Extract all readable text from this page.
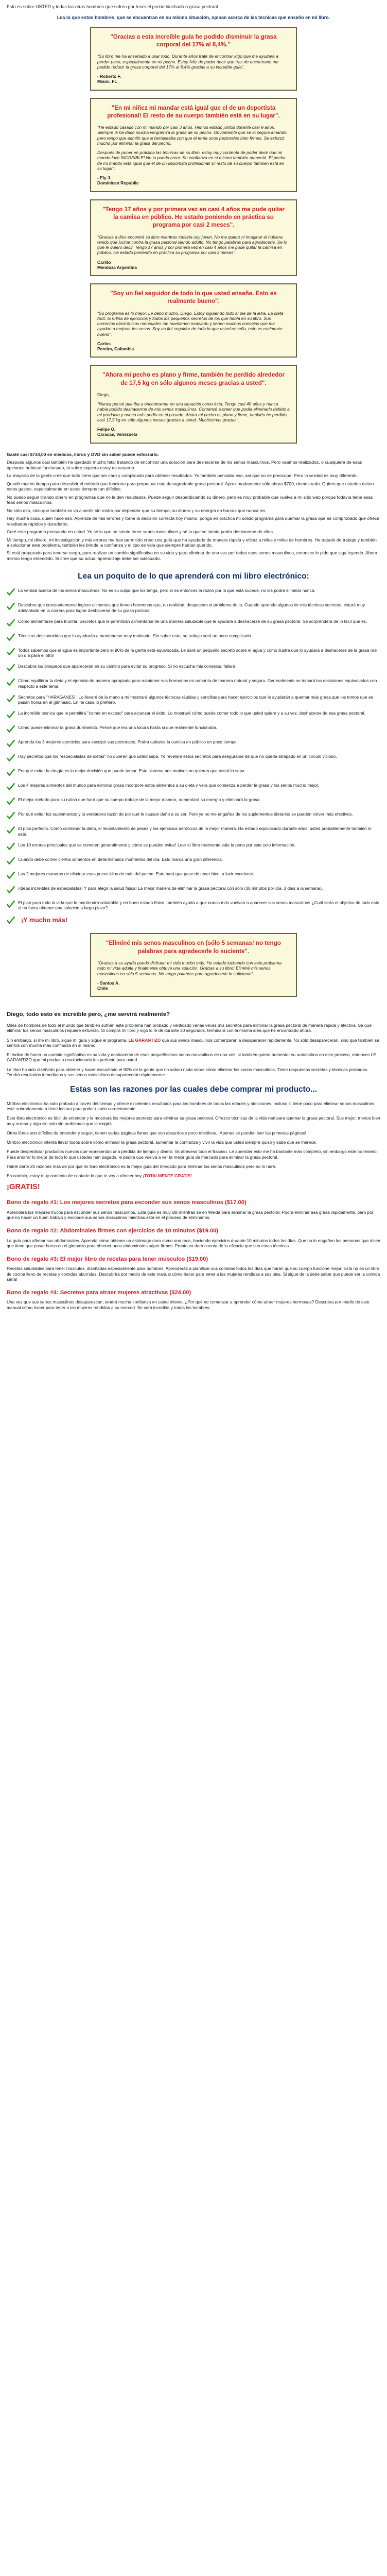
Esto es sobre USTED y todas las otras hombres que sufren por tener el pecho hinchado o grasa pectoral.

Lea lo que estos hombres, que se encuentran en su mismo situación, opinan acerca de las técnicas que enseño en mi libro.
"Gracias a esta increíble guía he podido disminuir la grasa corporal del 17% al 8,4%."

"Su libro me ha enseñado a usar todo. Durante años traté de encontrar algo que me ayudara a perder peso, especialmente en mi pecho. Estoy feliz de poder decir que tras de encontrarlo me podido reducir la grasa corporal del 17% al 8,4% gracias a su increíble guía".

- Roberto F.
Miami, FL
"En mi niñez mi mandar está igual que el de un deportista profesional! El resto de su cuerpo también está en su lugar".

"He estado casado con mi mando por casi 3 años. Hemos estado juntos durante casi 9 años. Siempre le ha dado mucha vergüenza la grasa de su pecho. Obviamente que se lo seguía amando, pero tengo que admitir que si fantaseaba con que él tenía unos pectorales bien firmes. Se esforzó mucho por eliminar la grasa del pecho.

Después de poner en práctica las técnicas de su libro, estoy muy contenta de poder decir que mi mando luce INCREÍBLE! No lo puedo creer. Su confianza en sí mismo también aumentó. El pecho de mi mando está igual que el de un deportista profesional! El resto de su cuerpo también está en su lugar".

- Ely J.
Dominican Republic
"Tengo 17 años y por primera vez en casi 4 años me pude quitar la camisa en público. He estado poniendo en práctica su programa por casi 2 meses".

"Gracias a dios encontré su libro mientras todavía soy joven. No me quiero ni imaginar el hubiera tenido que luchar contra la grasa pectoral siendo adulto. No tengo palabras para agradecerle. Se lo que le quiero decir. Tengo 17 años y por primera vez en casi 4 años me pude quitar la camisa en público. He estado poniendo en práctica su programa por casi 2 meses".

Carlito
Mendoza Argentina
"Soy un fiel seguidor de todo lo que usted enseña. Esto es realmente bueno".

"Su programa es lo mejor. Le debo mucho, Diego. Estoy siguiendo todo al pie de la letra. La dieta fácil, la rutina de ejercicios y todos los pequeños secretos de los que habla en su libro. Sus correctos electrónicos mensuales me mantienen motivado y tienen muchos consejos que me ayudan a mejorar los cosas. Soy un fiel seguidor de todo lo que usted enseña, esto es realmente bueno".

Carlos
Pereira, Colombia
"Ahora mi pecho es plano y firme, también he perdido alrededor de 17,5 kg en sólo algunos meses gracias a usted".

Diego,

"Nunca pensé que iba a encontrarme en una situación como ésta. Tengo casi 40 años y nunca había podido deshacerme de mis senos masculinos. Comencé a creer que podía eliminarlo debido a mi producto y nunca más podía en el pasado. Ahora mi pecho es plano y firme, también he perdido casi 17,5 kg en sólo algunos meses gracias a usted. Muchísimas gracias".

Felipe O.
Caracas, Venezuela

Gasté casi $734,00 en médicos, libros y DVD sin saber puede esforzarlo.

Después algunos casi también he quedado mucho fatal tratando de encontrar una solución para deshacerse de los senos masculinos. Pero vaamos realizados, o cualquiera de esas opciones hubiese funcionado, ni sobre siquiera estoy de acuerdo.

La mayoría de la gente creé que todo tiene que ser caro y complicado para obtener resultados. Yo también pensaba eso, así que no se preocupe; Pero la verdad es muy diferente.

Quedó mucho tiempo para descubrir el método que funciona para perpetuar esta desagradable grasa pectoral. Aproximadamente sólo ahora $700, demostrado. Quiero que ustedes eviten estos gastos, especialmente en estos tiempos tan difíciles.

No puedo seguir tirando dinero en programas que no le den resultados. Puede seguir desperdiciando su dinero, pero es muy probable que vuelva a mi sitio web porque todavía tiene esas feas senos masculinos.

No sólo eso, sino que también se va a sentir sin rostro por depender que su tiempo, su dinero y su energía en barcos que nunca les

Hay mucha cosa, quién hace eso. Aprenda de mis errores y torne la decisión correcta hoy mismo, ponga en práctica mi sólido programa para quemar la grasa que es comprobado que ofrece resultados rápidos y duraderos.

Creé este programa pensando en usted. Yo sé lo que se siente tener senos masculinos y sé lo que se siente poder deshacerse de ellos.

Mi tiempo, mi dinero, mi investigación y mis errores me han permitido crear una guía que ha ayudado de manera rápida y eficaz a miles y miles de hombres. Ha tratado de trabajo y también a solucionar este problema, también les brinde la confianza y el tipo de vida que siempre habían querido.

Si está preparado para tenerse cargo, para realizar un cambio significativo en su vida y para eliminar de una vez por todas esos senos masculinos, entonces le pido que siga leyendo. Ahora mismo tengo entendido. Si cree que su actual aprendizaje debe ser adecuado.

Lea un poquito de lo que aprenderá con mi libro electrónico:
La verdad acerca de los senos masculinos. No es su culpa que los tenga, pero sí es entonces la razón por la que está sucede, no los podrá eliminar nunca.
Descubra que constantemente ingiere alimentos que tienen hormonas que, en realidad, desposeen el problema de la. Cuando aprenda algunos de mis técnicas secretas, estará muy adelantado en la carrera para lograr deshacerse de su grasa pectoral.
Cómo alimentarse para triunfar. Secretos que le permitirán alimentarse de una manera saludable que le ayudará a deshacerse de su grasa pectoral. Se sorprenderá de lo fácil que es.
Técnicas desconocidas que lo ayudarán a mantenerse muy motivado. Sin saber esto, su trabajo será un poco complicado.
Todos sabemos que el agua es importante pero el 90% de la gente está equivocada. Le daré un pequeño secreto sobre el agua y cómo ilustra que lo ayudará a deshacerse de la grasa rde un día para el otro!
Descubra los bloqueos que aparecerán en su camino para evitar su progreso. Si no escucha mis consejos, fallará.
Cómo equilibrar la dieta y el ejercicio de manera apropiada para mantener sus hormonas en armonía de manera natural y segura. Generalmente se tomará las decisiones equivocadas con respecto a este tema.
Secretos para "HARAGANES". Lo llevaré de la mano a mi mostrará algunos técnicas rápidas y sencillas para hacer ejercicios que le ayudarán a quemar más grasa que los tontos que se pasan horas en el gimnasio. En mi casa lo prefiero.
La increíble técnica que le permitirá "comer en exceso" para alcanzar el éxito. Lo mostraré cómo puede comer todo lo que usted quiere y a su vez, deshacerse de esa grasa pectoral.
Cómo puede eliminar la grasa durmiendo. Pensé que era una locura hasta si que realmente funcionaba.
Aprenda los 3 mejores ejercicios para esculpir sus pectorales. Podrá quitarse la camisa en público en poco tiempo.
Hay secretos que los "especialistas de dietas" no quieren que usted sepa. Yo revelaré estos secretos para asegurarse de que no quede atrapado en un círculo vicioso.
Por qué evitar la cirugía es la mejor decisión que puede tomar. Este sistema nos motivos no quieren que usted lo sepa.
Los 4 mejores alimentos del mundo para eliminar grasa Incorpore estos alimentos a su dieta y verá que comienza a perder la grasa y los senos mucho mejor.
El mejor método para su rutina que hará que su cuerpo trabaje de la mejor manera, aumentará su energía y eliminará la grasa.
Por qué evitar los suplementos y la verdadera razón de por qué le causan daño a su ser. Pero ya no me engaños de los suplementos dietarios se pueden volver más efectivos.
El plan perfecto. Cómo combinar la dieta, el levantamiento de pesas y los ejercicios aeróbicos de la mejor manera. Ha estado equivocado durante años, usted probablemente también lo esté.
Los 10 errores principales que se cometen generalmente y cómo se pueden evitar! Leer el libro realmente vale la pena por este solo información.
Cuándo debe comer ciertos alimentos en determinados momentos del día. Esto marca una gran diferencia.
Las 2 mejores maneras de eliminar esos pocos kilos de más del pecho. Esto hará que pase de tener bien, a lucir excelente.
¡Ideas increíbles de especialistas! Y para elegir la salud física! La mejor manera de eliminar la grasa pectoral con sólo (30 minutos por día, 3 días a la semana).
El plan para todo la vida que lo mantendrá saludable y en buen estado físico, también ayuda a que nunca más vuelvan a aparecer sus senos masculinos ¿Cuál sería el objetivo de todo esto si no fuera obtener una solución a largo plazo?
¡Y mucho más!
"Eliminé mis senos masculinos en (sólo 5 semanas! no tengo palabras para agradecerle lo suciente".

"Gracias a su ayuda puedo disfrutar mi vida mucho más. He estado luchando con este problema todo mi vida adulta y finalmente obtuve una solución. Gracias a su libro! Eliminé mis senos masculinos en sólo 5 semanas. No tengo palabras para agradecerle lo suficiente".

- Santos A.
Chile
Diego, todo esto es increíble pero, ¿me servirá realmente?

Miles de hombres de todo el mundo que también sufrían este problema han probado y verificado varias veces mis secretos para eliminar la grasa pectoral de manera rápida y efectiva. Sé que eliminar los senos masculinos requiere esfuerzo. Si compra mi libro y sigo lo le dé durante 30 segundos, terminará con la misma idea que he encontrado ahora.

Sin embargo, si me mi libro, sigue mi guía y sigue el programa, LE GARANTIZO que sus senos masculinos comenzarán a desaparecer rápidamente. No sólo desaparecerán, sino que también se sentirá con mucha más confianza en sí mismo.

El índice de hacer un cambio significativo es su vida y deshacerse de esos pequeñísimos senos masculinos de una vez, si también quiere aumentar su autoestima en este proceso, entonces LE GARANTIZO que mi producto revolucionario los perfecto para usted.

Le libro ha sido diseñado para obtener y hacer escuchado el 90% de la gente que no saben nada sobre cómo eliminar los senos masculinos. Tiene respuestas secretas y técnicas probadas. Tendrá resultados inmediatos y sus senos masculinos desaparecerán rápidamente.

Estas son las razones por las cuales debe comprar mi producto...

Mi libro electrónico ha sido probado a través del tiempo y ofrece excelentes resultados para los hombres de todas las edades y afecciones. Incluso si tiene poco para eliminar senos masculinos este sobradamente a tiene lectura para poder usarlo correctamente.

Este libro electrónico es fácil de entender y le mostrará los mejores secretos para eliminar su grasa pectoral. Ofrezco técnicas de la vida real para quemar la grasa pectoral. Sus mejor, menos bien muy aroma y algo sin solo sin problemas que le exigirá.

Otros libros son difíciles de entender y seguir, tienen varias páginas llenas que son absurdos y poco efectivos. ¡Apenas se pueden leer las primeras páginas!

Mi libro electrónico intenta llevar todos sobre cómo eliminar la grasa pectoral, aumentar la confianza y vivir la vida que usted siempre quiso y sabe que se merece.

Puede desperdiciar productos nuevos que representan una pérdida de tiempo y dinero. Va atravesó todo el fracaso. Le aprender esto me ha bastante más completo, sin embargo este no tenerlo. Para ahorrar lo mejor de todo lo que ustedes han pagado, le pedirá que vuelva a ver la mejor guía de mercado para eliminar la grasa pectoral.

Hablé darte 20 razones más de por qué mi libro electrónico es la mejor guía del mercado para eliminar los senos masculinos pero no lo haré.

En cambio, estoy muy contento de contarte lo que te voy a ofrecer hoy ¡TOTALMENTE GRATIS!

¡GRATIS!
Bono de regalo #1: Los mejores secretos para esconder sus senos masculinos ($17.00)

Aprenderá los mejores trucos para esconder sus senos masculinos. Esta guía es muy útil mientras se en Weida para eliminar la grasa pectoral. Podrá eliminar esa grasa rápidamente, pero por qué no hacer un buen trabajo y esconde sus senos masculinos mientras está en el proceso de eliminarlos.

Bono de regalo #2: Abdominales firmes con ejercicios de 10 minutos ($19.00)

La guía para afirmar sus abdominales. Aprenda cómo obtener un estómago duro como uno roca, haciendo ejercicios durante 10 minutos todos los días. Que no lo engañen las personas que dicen que tiene que pasar horas en el gimnasio para obtener unos abdominales súper firmes. Pronto va darà cuenta de la eficacia que son estas técnicas.

Bono de regalo #3: El mejor libro de recetas para tener músculos ($19.00)

Recetas saludables para tener músculos, diseñadas especialmente para hombres. Aprenderás a planificar sus comidas todos los días que harán que su cuerpo funcione mejor. Esta no es un libro de cocina lleno de recetas y comidas aburridas. Descubrirá por medio de este manual cómo hacer para tener a las mujeres rendidas a sus pies. Si sigue de la debe saber qué puede ser la comida sana!

Bono de regalo #4: Secretos para atraer mujeres atractivas ($24.00)

Una vez que sus senos masculinos desaparezcan, tendrá mucha confianza en usted mismo. ¿Por qué no comenzar a aprender cómo atraer mujeres hermosas? Descubra por medio de este manual cómo hacer para tener a las mujeres rendidas a su merced. Se verá increíble y todos los hombres.
